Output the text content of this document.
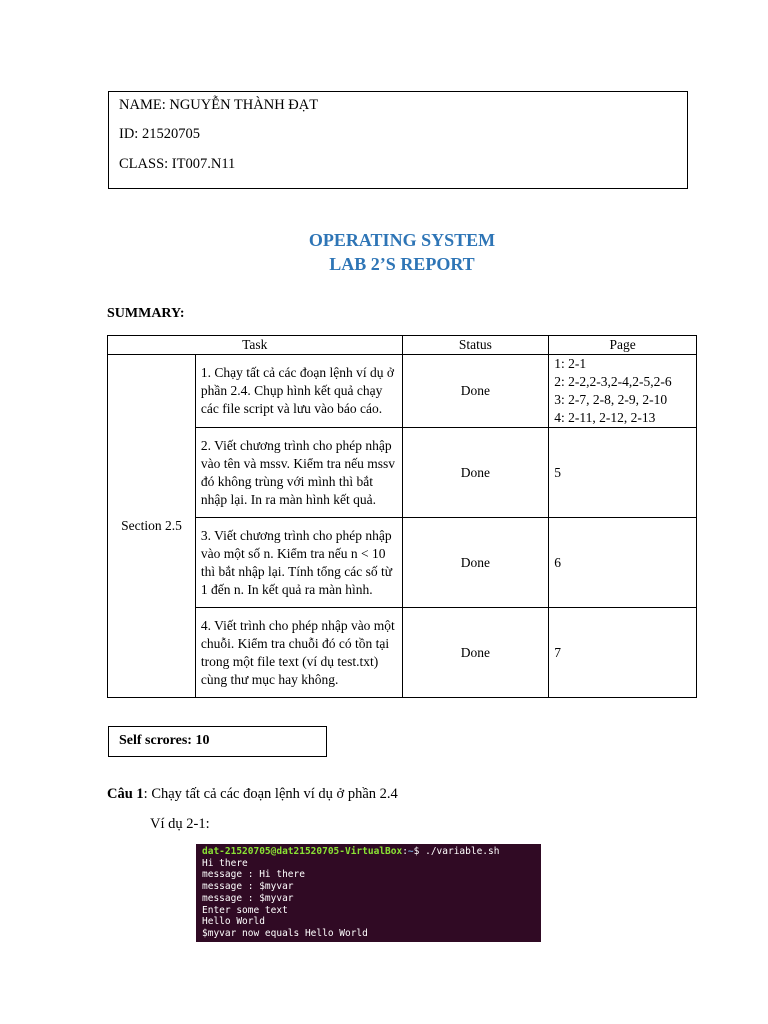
NAME: NGUYỄN THÀNH ĐẠT
ID: 21520705
CLASS: IT007.N11
OPERATING SYSTEM
LAB 2’S REPORT
SUMMARY:
Task		Status	Page
Section 2.5	1. Chạy tất cả các đoạn lệnh ví dụ ở phần 2.4. Chụp hình kết quả chạy các file script và lưu vào báo cáo.	Done	1: 2-1
2: 2-2,2-3,2-4,2-5,2-6
3: 2-7, 2-8, 2-9, 2-10
4: 2-11, 2-12, 2-13

	2. Viết chương trình cho phép nhập vào tên và mssv. Kiểm tra nếu mssv đó không trùng với mình thì bắt nhập lại. In ra màn hình kết quả.	Done	5
	3. Viết chương trình cho phép nhập vào một số n. Kiểm tra nếu n < 10 thì bắt nhập lại. Tính tổng các số từ 1 đến n. In kết quả ra màn hình.	Done	6
	4. Viết trình cho phép nhập vào một chuỗi. Kiểm tra chuỗi đó có tồn tại trong một file text (ví dụ test.txt) cùng thư mục hay không.	Done	7
Self scrores: 10
Câu 1: Chạy tất cả các đoạn lệnh ví dụ ở phần 2.4
Ví dụ 2-1:
dat-21520705@dat21520705-VirtualBox:~$ ./variable.sh
Hi there
message : Hi there
message : $myvar
message : $myvar
Enter some text
Hello World
$myvar now equals Hello World
